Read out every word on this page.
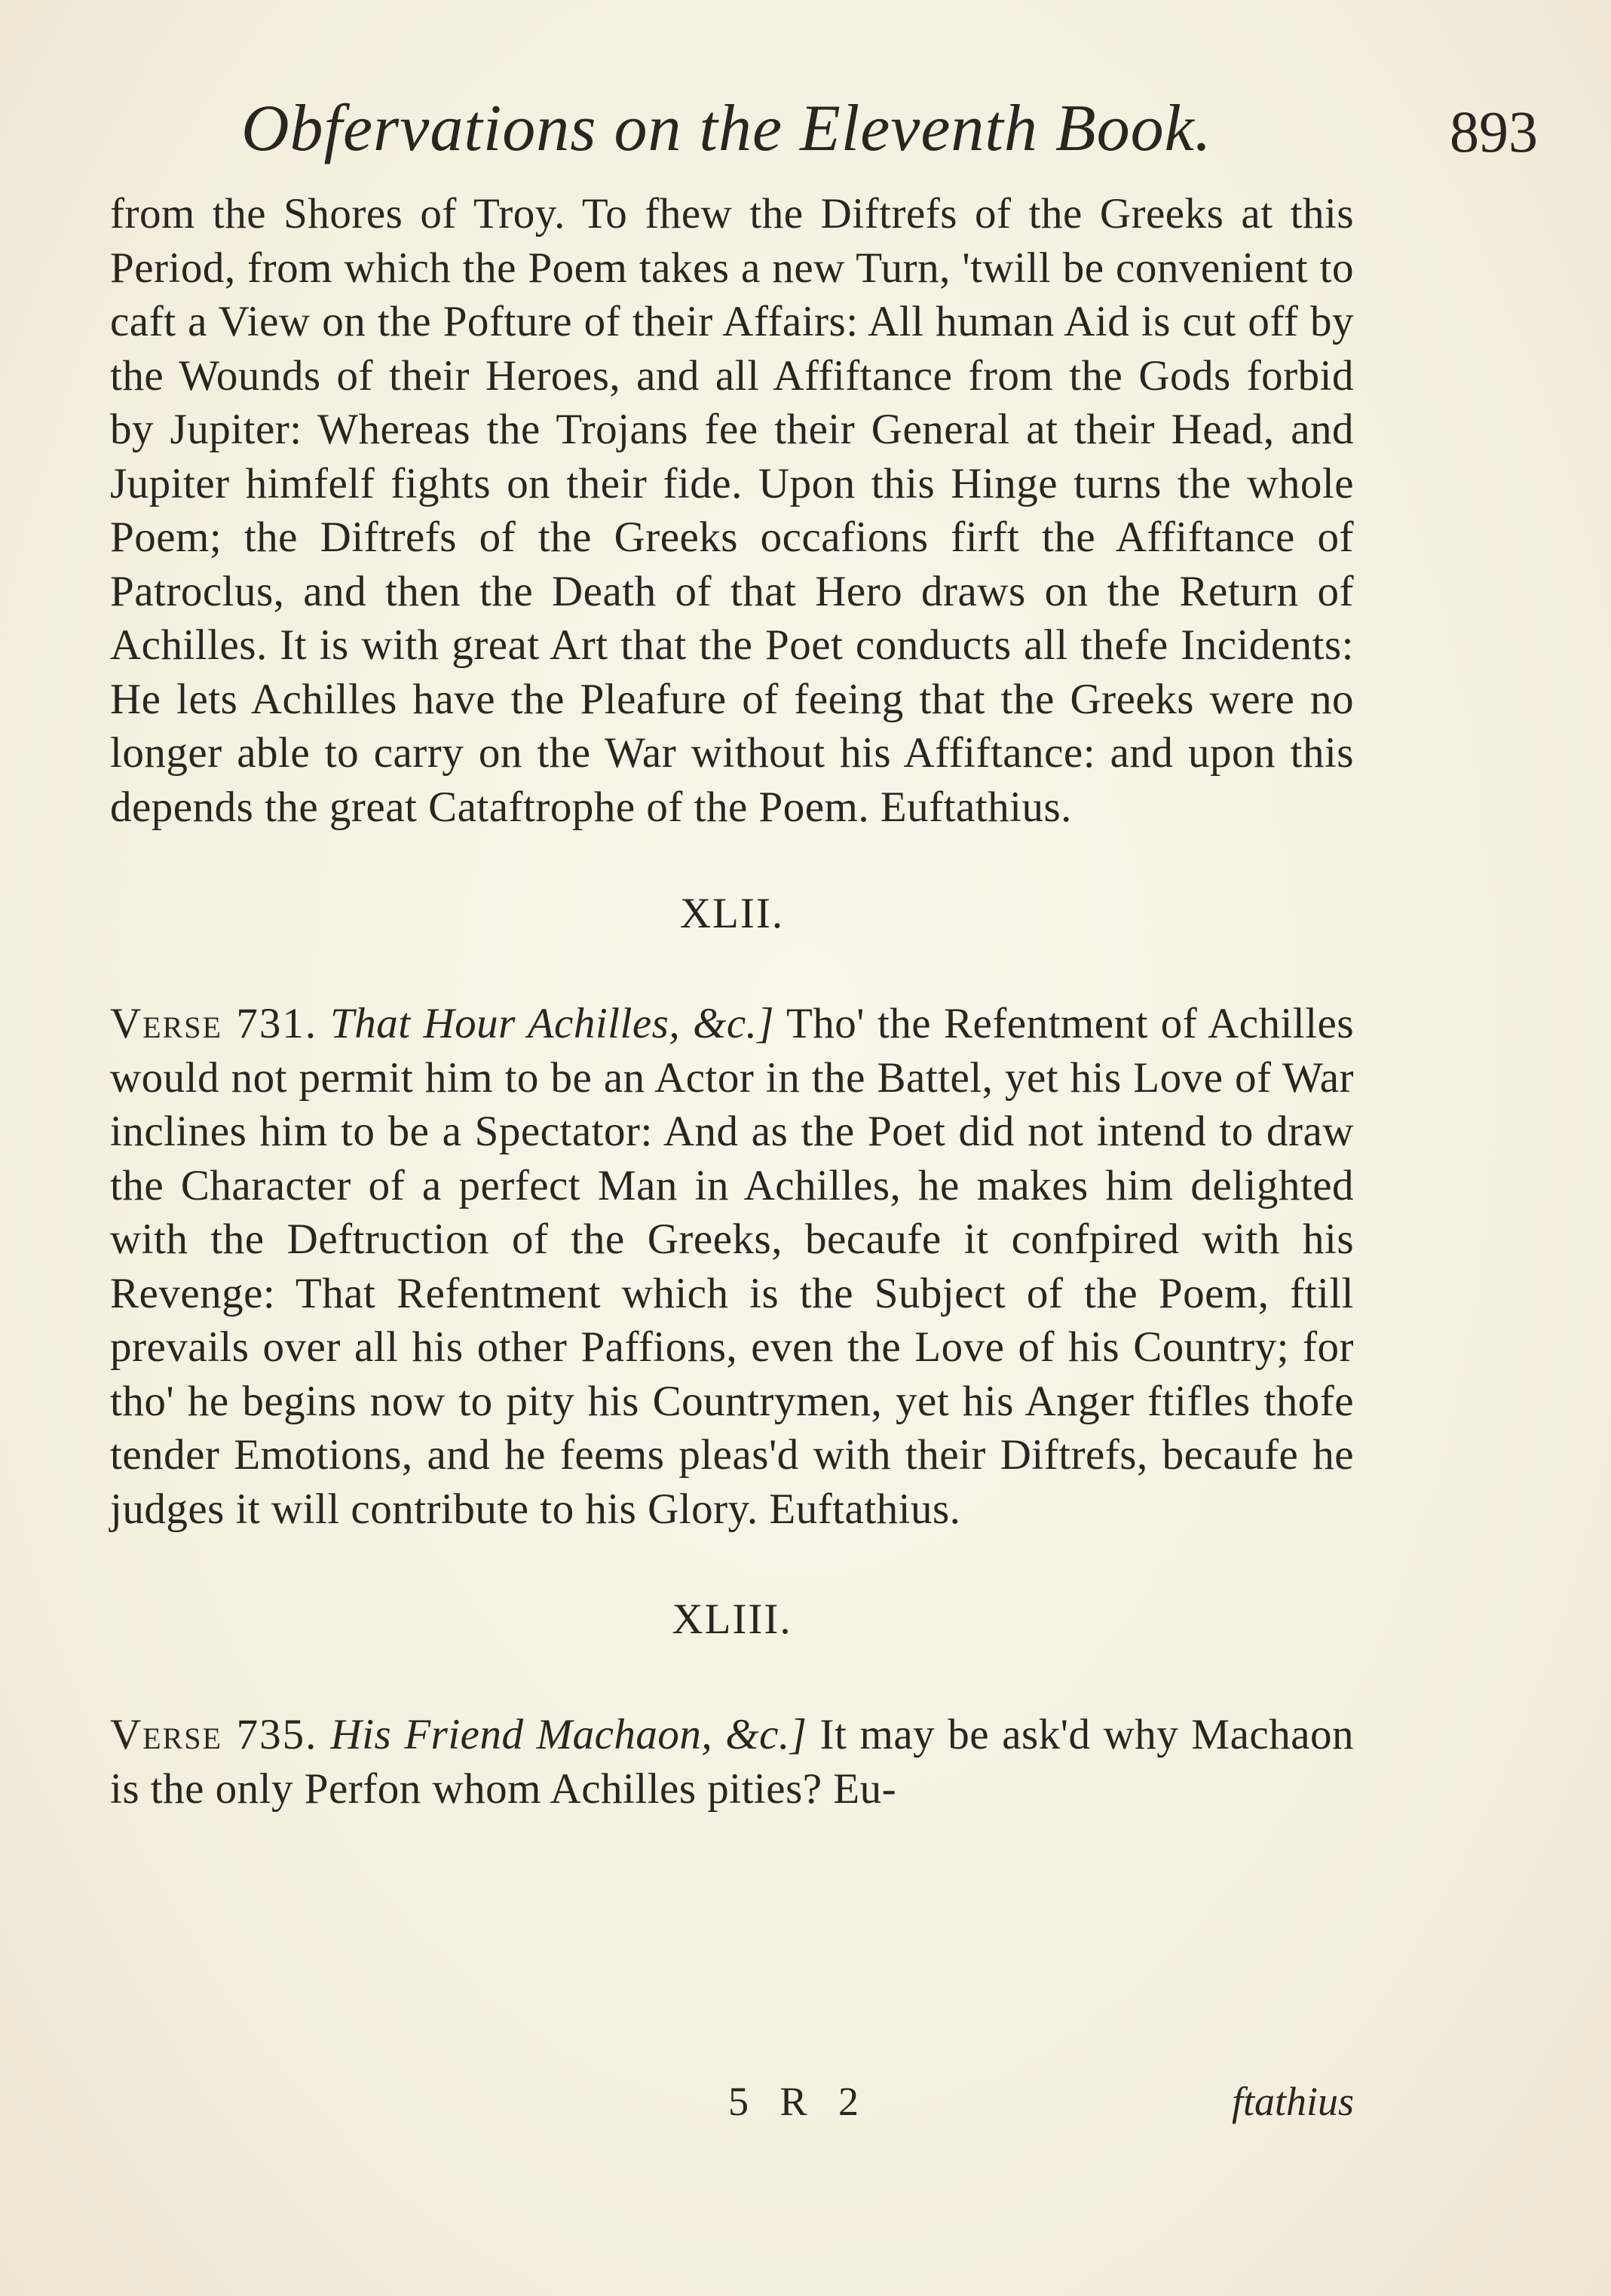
Obfervations on the Eleventh Book.	893

from the Shores of Troy. To fhew the Diftrefs of the Greeks at this Period, from which the Poem takes a new Turn, 'twill be convenient to caft a View on the Pofture of their Affairs: All human Aid is cut off by the Wounds of their Heroes, and all Affiftance from the Gods forbid by Jupiter: Whereas the Trojans fee their General at their Head, and Jupiter himfelf fights on their fide. Upon this Hinge turns the whole Poem; the Diftrefs of the Greeks occafions firft the Affiftance of Patroclus, and then the Death of that Hero draws on the Return of Achilles. It is with great Art that the Poet conducts all thefe Incidents: He lets Achilles have the Pleafure of feeing that the Greeks were no longer able to carry on the War without his Affiftance: and upon this depends the great Cataftrophe of the Poem. Euftathius.

XLII.

Verse 731. That Hour Achilles, &c.] Tho' the Refentment of Achilles would not permit him to be an Actor in the Battel, yet his Love of War inclines him to be a Spectator: And as the Poet did not intend to draw the Character of a perfect Man in Achilles, he makes him delighted with the Deftruction of the Greeks, becaufe it confpired with his Revenge: That Refentment which is the Subject of the Poem, ftill prevails over all his other Paffions, even the Love of his Country; for tho' he begins now to pity his Countrymen, yet his Anger ftifles thofe tender Emotions, and he feems pleas'd with their Diftrefs, becaufe he judges it will contribute to his Glory. Euftathius.

XLIII.

Verse 735. His Friend Machaon, &c.] It may be ask'd why Machaon is the only Perfon whom Achilles pities? Eu-

5 R 2	ftathius
